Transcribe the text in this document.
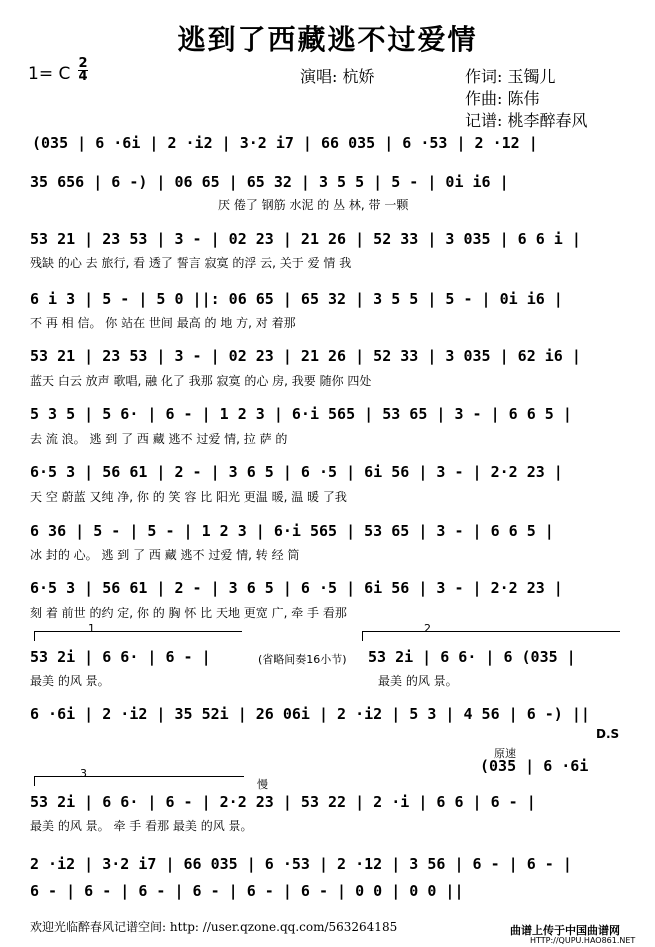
逃到了西藏逃不过爱情
1= C
2
4	演唱: 杭娇	作词: 玉镯儿
作曲: 陈伟
记谱: 桃李醉春风
(035 | 6 ·6i | 2 ·i2 | 3·2 i7 | 66 035 | 6 ·53 | 2 ·12 |
35 656 | 6 -) | 06 65 | 65 32 | 3 5 5 | 5 - | 0i i6 |
厌 倦了 钢筋 水泥 的 丛 林, 带 一颗
53 21 | 23 53 | 3 - | 02 23 | 21 26 | 52 33 | 3 035 | 6 6 i |
残缺 的心 去 旅行, 看 透了 誓言 寂寞 的浮 云, 关于 爱 情 我
6 i 3 | 5 - | 5 0 ||: 06 65 | 65 32 | 3 5 5 | 5 - | 0i i6 |
不 再 相 信。 你 站在 世间 最高 的 地 方, 对 着那
53 21 | 23 53 | 3 - | 02 23 | 21 26 | 52 33 | 3 035 | 62 i6 |
蓝天 白云 放声 歌唱, 融 化了 我那 寂寞 的心 房, 我要 随你 四处
5 3 5 | 5 6· | 6 - | 1 2 3 | 6·i 565 | 53 65 | 3 - | 6 6 5 |
去 流 浪。 逃 到 了 西 藏 逃不 过爱 情, 拉 萨 的
6·5 3 | 56 61 | 2 - | 3 6 5 | 6 ·5 | 6i 56 | 3 - | 2·2 23 |
天 空 蔚蓝 又纯 净, 你 的 笑 容 比 阳光 更温 暖, 温 暖 了我
6 36 | 5 - | 5 - | 1 2 3 | 6·i 565 | 53 65 | 3 - | 6 6 5 |
冰 封的 心。 逃 到 了 西 藏 逃不 过爱 情, 转 经 筒
6·5 3 | 56 61 | 2 - | 3 6 5 | 6 ·5 | 6i 56 | 3 - | 2·2 23 |
刻 着 前世 的约 定, 你 的 胸 怀 比 天地 更宽 广, 牵 手 看那
1
53 2i | 6 6· | 6 - |
最美 的风 景。
(省略间奏16小节)
2
53 2i | 6 6· | 6 (035 |
最美 的风 景。
6 ·6i | 2 ·i2 | 35 52i | 26 06i | 2 ·i2 | 5 3 | 4 56 | 6 -) ||
D.S
原速
(035 | 6 ·6i
3
慢
53 2i | 6 6· | 6 - | 2·2 23 | 53 22 | 2 ·i | 6 6 | 6 - |
最美 的风 景。 牵 手 看那 最美 的风 景。
2 ·i2 | 3·2 i7 | 66 035 | 6 ·53 | 2 ·12 | 3 56 | 6 - | 6 - |
6 - | 6 - | 6 - | 6 - | 6 - | 6 - | 0 0 | 0 0 ||
欢迎光临醉春风记谱空间: http: //user.qzone.qq.com/563264185	曲谱上传于中国曲谱网
HTTP://QUPU.HAO861.NET
